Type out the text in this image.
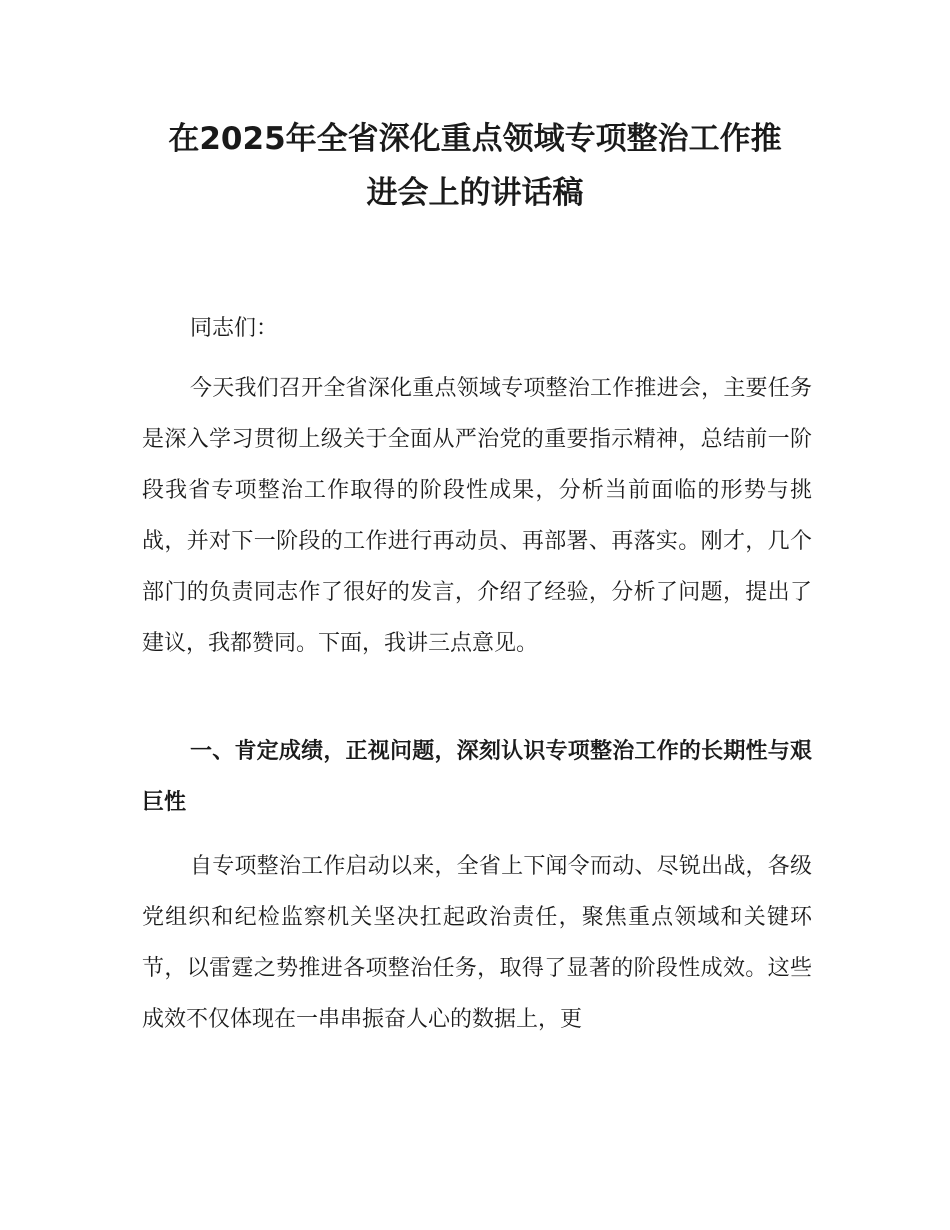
在2025年全省深化重点领域专项整治工作推
进会上的讲话稿

同志们：

今天我们召开全省深化重点领域专项整治工作推进会，主要任务是深入学习贯彻上级关于全面从严治党的重要指示精神，总结前一阶段我省专项整治工作取得的阶段性成果，分析当前面临的形势与挑战，并对下一阶段的工作进行再动员、再部署、再落实。刚才，几个部门的负责同志作了很好的发言，介绍了经验，分析了问题，提出了建议，我都赞同。下面，我讲三点意见。

一、肯定成绩，正视问题，深刻认识专项整治工作的长期性与艰巨性

自专项整治工作启动以来，全省上下闻令而动、尽锐出战，各级党组织和纪检监察机关坚决扛起政治责任，聚焦重点领域和关键环节，以雷霆之势推进各项整治任务，取得了显著的阶段性成效。这些成效不仅体现在一串串振奋人心的数据上，更
